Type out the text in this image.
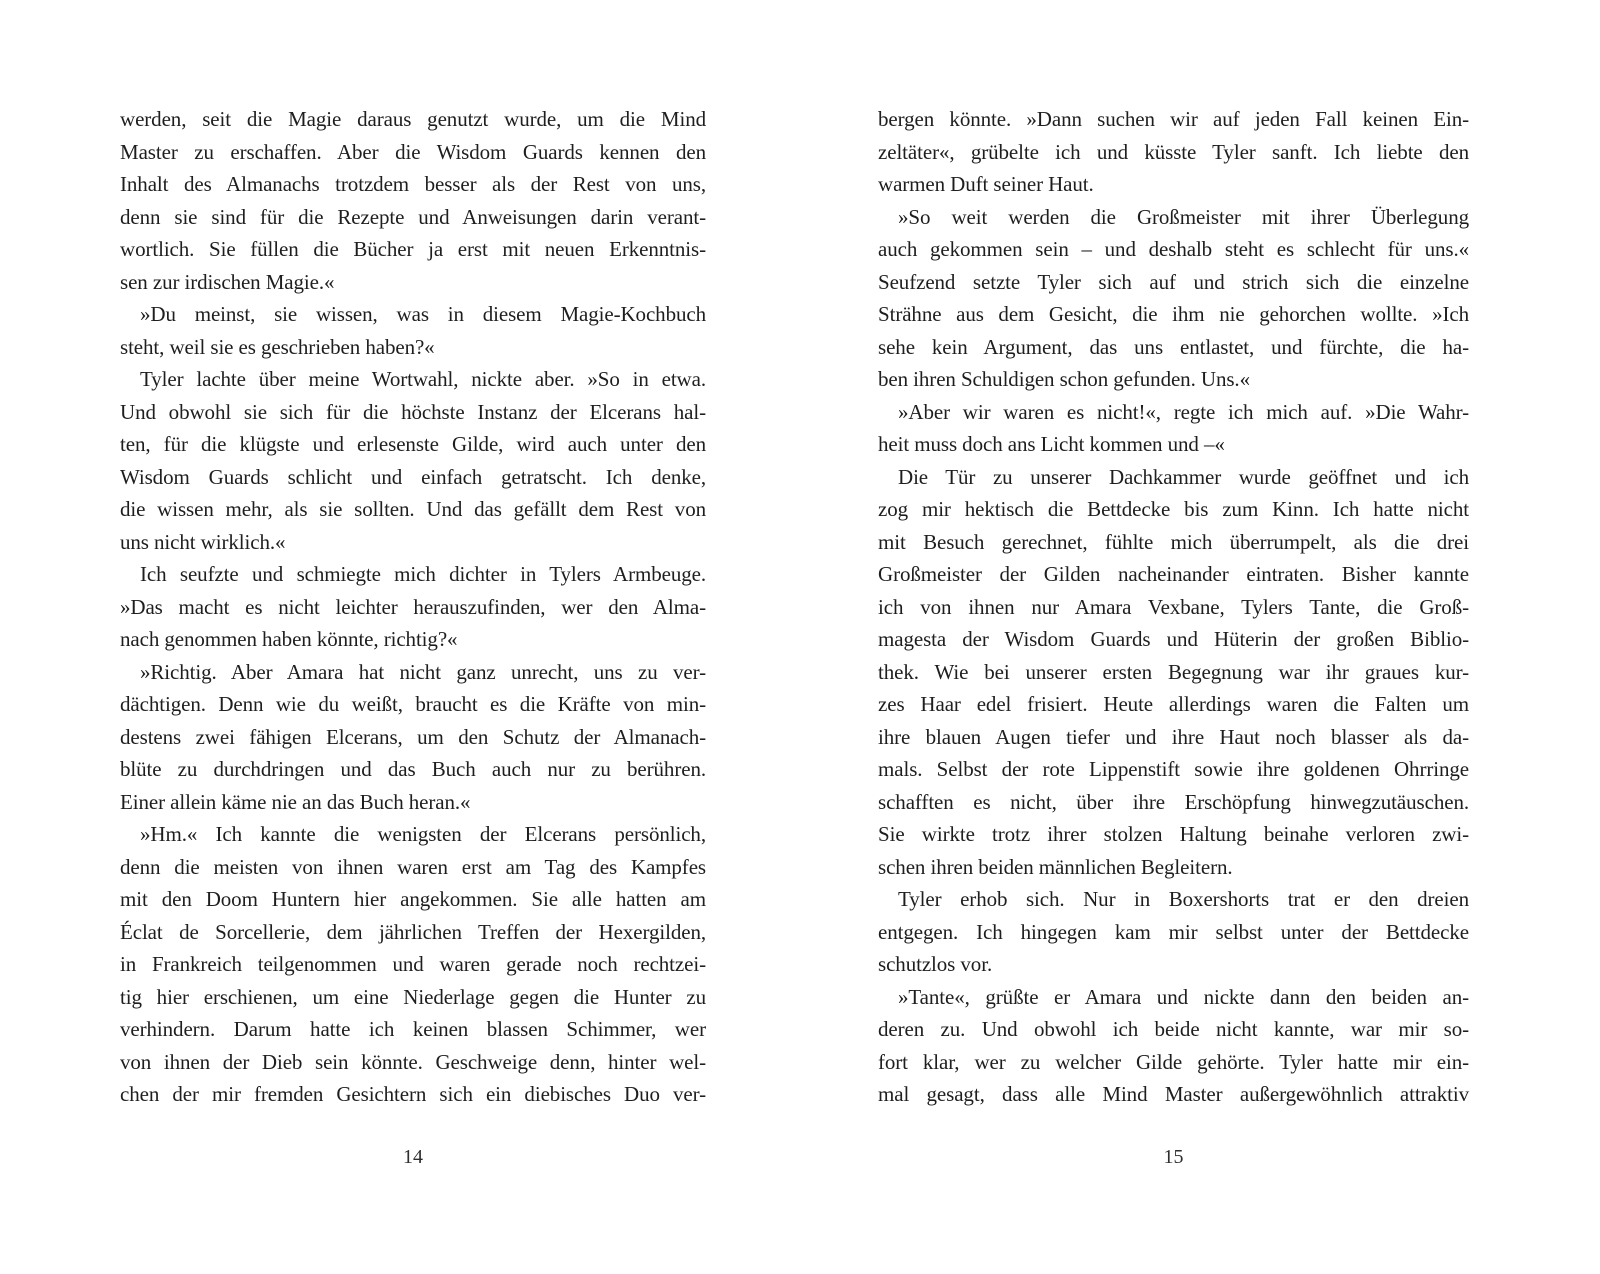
werden, seit die Magie daraus genutzt wurde, um die Mind
Master zu erschaffen. Aber die Wisdom Guards kennen den
Inhalt des Almanachs trotzdem besser als der Rest von uns,
denn sie sind für die Rezepte und Anweisungen darin verant-
wortlich. Sie füllen die Bücher ja erst mit neuen Erkenntnis-
sen zur irdischen Magie.«
»Du meinst, sie wissen, was in diesem Magie-Kochbuch
steht, weil sie es geschrieben haben?«
Tyler lachte über meine Wortwahl, nickte aber. »So in etwa.
Und obwohl sie sich für die höchste Instanz der Elcerans hal-
ten, für die klügste und erlesenste Gilde, wird auch unter den
Wisdom Guards schlicht und einfach getratscht. Ich denke,
die wissen mehr, als sie sollten. Und das gefällt dem Rest von
uns nicht wirklich.«
Ich seufzte und schmiegte mich dichter in Tylers Armbeuge.
»Das macht es nicht leichter herauszufinden, wer den Alma-
nach genommen haben könnte, richtig?«
»Richtig. Aber Amara hat nicht ganz unrecht, uns zu ver-
dächtigen. Denn wie du weißt, braucht es die Kräfte von min-
destens zwei fähigen Elcerans, um den Schutz der Almanach-
blüte zu durchdringen und das Buch auch nur zu berühren.
Einer allein käme nie an das Buch heran.«
»Hm.« Ich kannte die wenigsten der Elcerans persönlich,
denn die meisten von ihnen waren erst am Tag des Kampfes
mit den Doom Huntern hier angekommen. Sie alle hatten am
Éclat de Sorcellerie, dem jährlichen Treffen der Hexergilden,
in Frankreich teilgenommen und waren gerade noch rechtzei-
tig hier erschienen, um eine Niederlage gegen die Hunter zu
verhindern. Darum hatte ich keinen blassen Schimmer, wer
von ihnen der Dieb sein könnte. Geschweige denn, hinter wel-
chen der mir fremden Gesichtern sich ein diebisches Duo ver-
14
bergen könnte. »Dann suchen wir auf jeden Fall keinen Ein-
zeltäter«, grübelte ich und küsste Tyler sanft. Ich liebte den
warmen Duft seiner Haut.
»So weit werden die Großmeister mit ihrer Überlegung
auch gekommen sein – und deshalb steht es schlecht für uns.«
Seufzend setzte Tyler sich auf und strich sich die einzelne
Strähne aus dem Gesicht, die ihm nie gehorchen wollte. »Ich
sehe kein Argument, das uns entlastet, und fürchte, die ha-
ben ihren Schuldigen schon gefunden. Uns.«
»Aber wir waren es nicht!«, regte ich mich auf. »Die Wahr-
heit muss doch ans Licht kommen und –«
Die Tür zu unserer Dachkammer wurde geöffnet und ich
zog mir hektisch die Bettdecke bis zum Kinn. Ich hatte nicht
mit Besuch gerechnet, fühlte mich überrumpelt, als die drei
Großmeister der Gilden nacheinander eintraten. Bisher kannte
ich von ihnen nur Amara Vexbane, Tylers Tante, die Groß-
magesta der Wisdom Guards und Hüterin der großen Biblio-
thek. Wie bei unserer ersten Begegnung war ihr graues kur-
zes Haar edel frisiert. Heute allerdings waren die Falten um
ihre blauen Augen tiefer und ihre Haut noch blasser als da-
mals. Selbst der rote Lippenstift sowie ihre goldenen Ohrringe
schafften es nicht, über ihre Erschöpfung hinwegzutäuschen.
Sie wirkte trotz ihrer stolzen Haltung beinahe verloren zwi-
schen ihren beiden männlichen Begleitern.
Tyler erhob sich. Nur in Boxershorts trat er den dreien
entgegen. Ich hingegen kam mir selbst unter der Bettdecke
schutzlos vor.
»Tante«, grüßte er Amara und nickte dann den beiden an-
deren zu. Und obwohl ich beide nicht kannte, war mir so-
fort klar, wer zu welcher Gilde gehörte. Tyler hatte mir ein-
mal gesagt, dass alle Mind Master außergewöhnlich attraktiv
15
